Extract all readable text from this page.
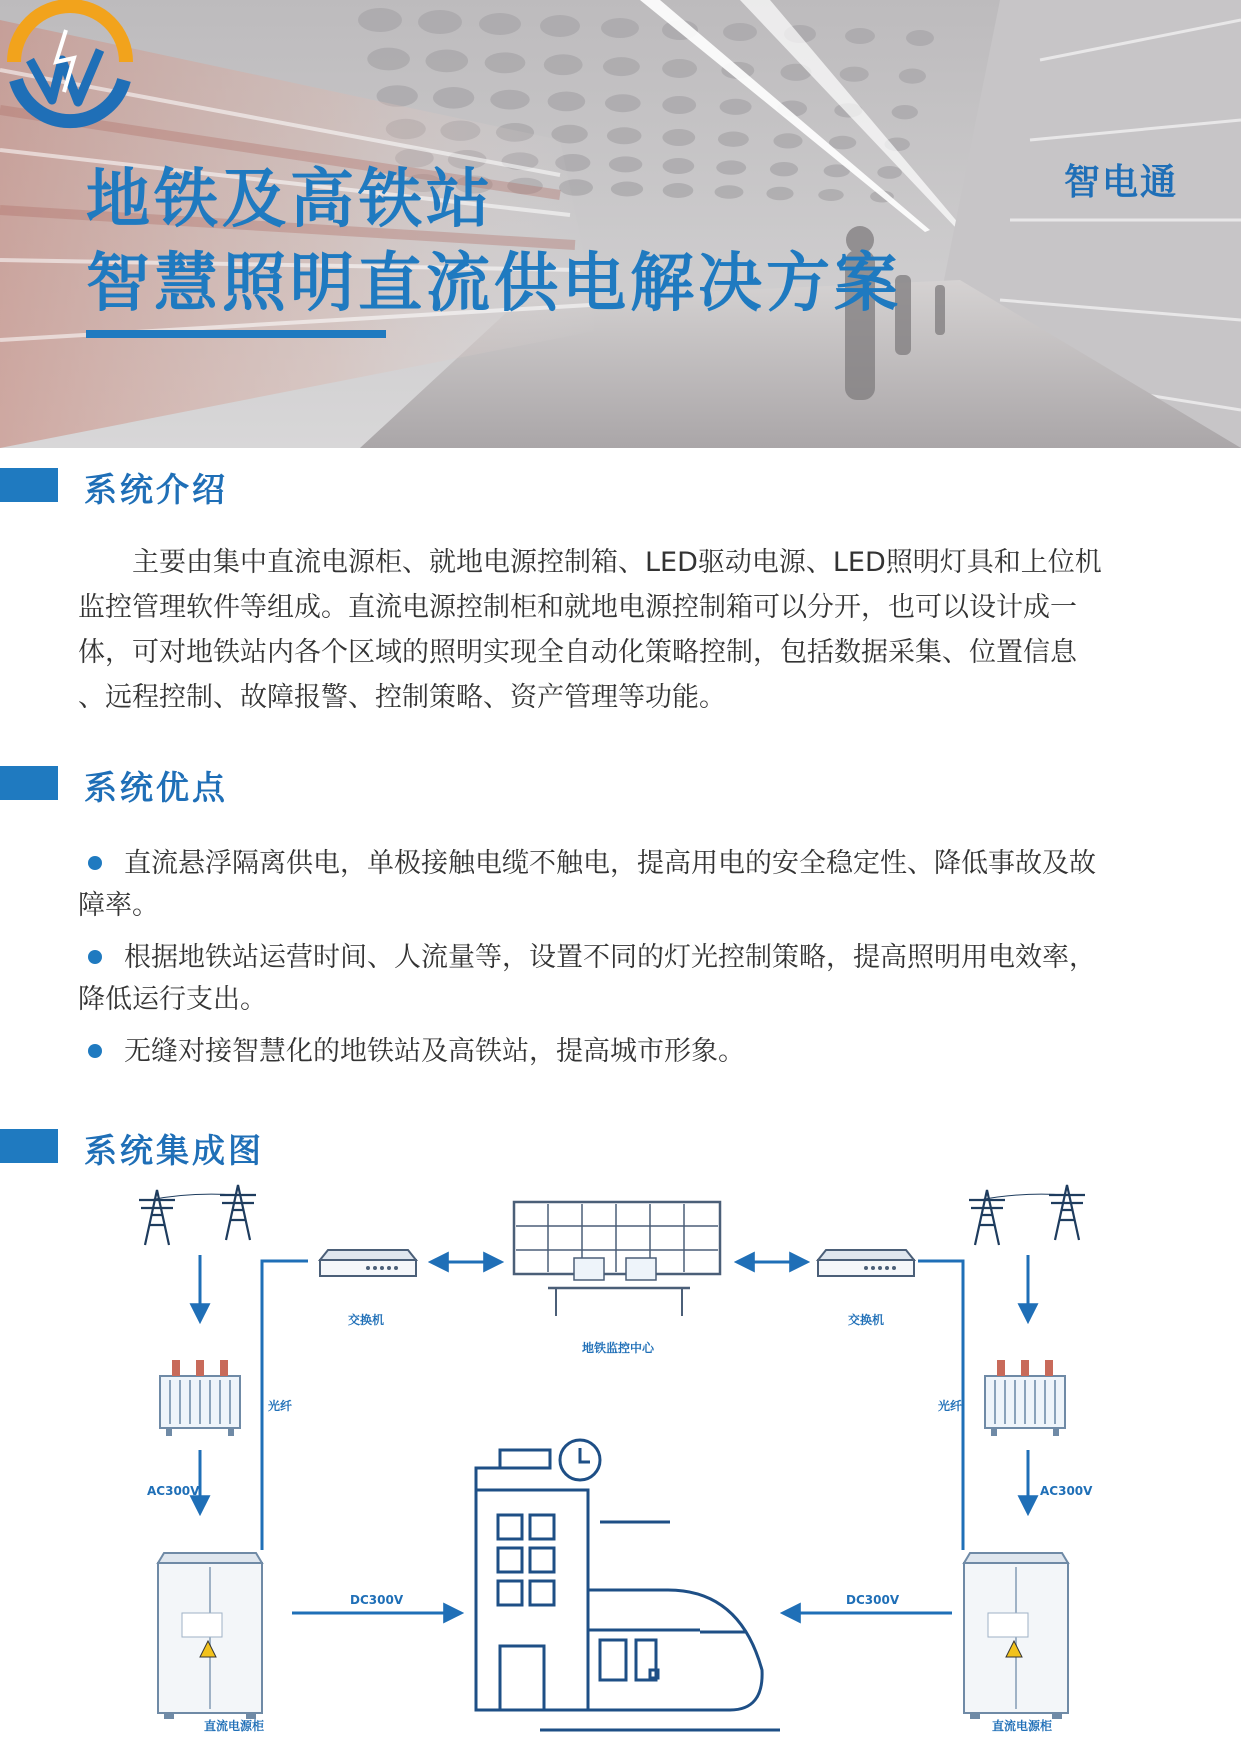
地铁及高铁站
智慧照明直流供电解决方案
智电通
系统介绍
　　主要由集中直流电源柜、就地电源控制箱、LED驱动电源、LED照明灯具和上位机
监控管理软件等组成。直流电源控制柜和就地电源控制箱可以分开，也可以设计成一
体，可对地铁站内各个区域的照明实现全自动化策略控制，包括数据采集、位置信息
、远程控制、故障报警、控制策略、资产管理等功能。
系统优点
直流悬浮隔离供电，单极接触电缆不触电，提高用电的安全稳定性、降低事故及故
障率。
根据地铁站运营时间、人流量等，设置不同的灯光控制策略，提高照明用电效率，
降低运行支出。
无缝对接智慧化的地铁站及高铁站，提高城市形象。
系统集成图
AC300V
直流电源柜
AC300V
直流电源柜
光纤	光纤
交换机	交换机
地铁监控中心
DC300V	DC300V
